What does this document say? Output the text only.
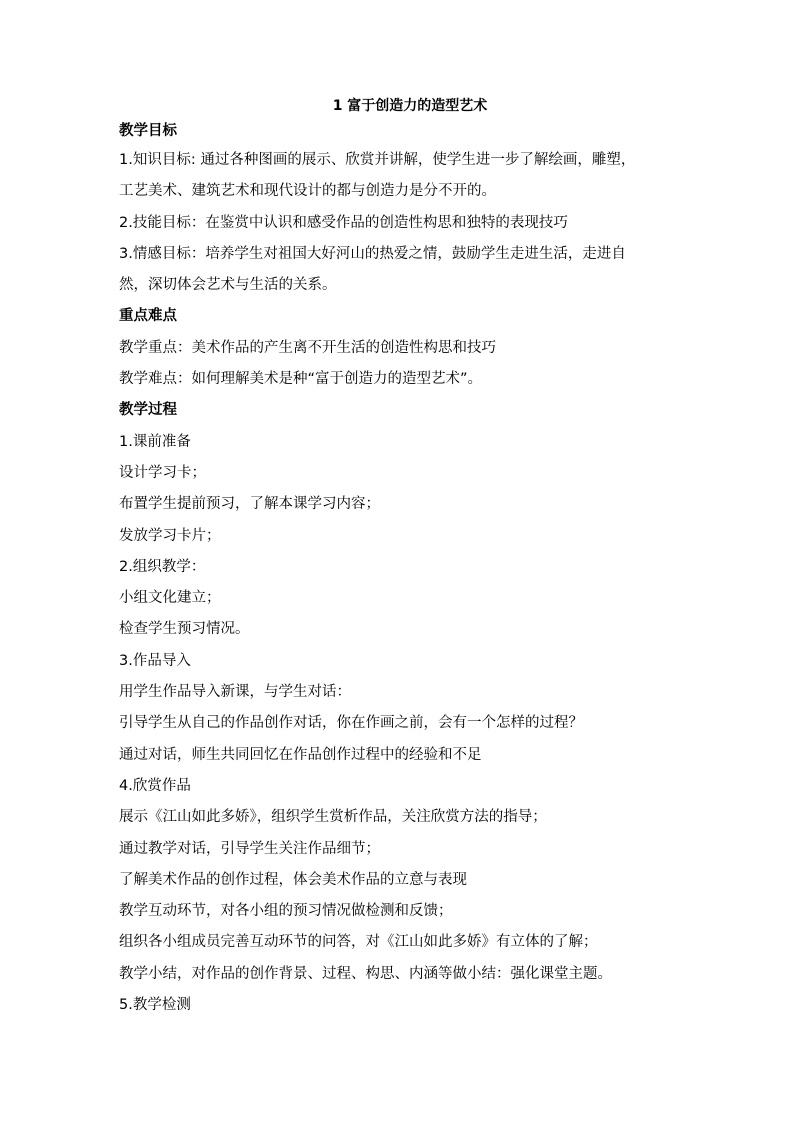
1 富于创造力的造型艺术
教学目标
1.知识目标: 通过各种图画的展示、欣赏并讲解，使学生进一步了解绘画，雕塑，
工艺美术、建筑艺术和现代设计的都与创造力是分不开的。
2.技能目标：在鉴赏中认识和感受作品的创造性构思和独特的表现技巧
3.情感目标：培养学生对祖国大好河山的热爱之情，鼓励学生走进生活，走进自
然，深切体会艺术与生活的关系。
重点难点
教学重点：美术作品的产生离不开生活的创造性构思和技巧
教学难点：如何理解美术是种“富于创造力的造型艺术”。
教学过程
1.课前准备
设计学习卡；
布置学生提前预习，了解本课学习内容；
发放学习卡片；
2.组织教学：
小组文化建立；
检查学生预习情况。
3.作品导入
用学生作品导入新课，与学生对话：
引导学生从自己的作品创作对话，你在作画之前，会有一个怎样的过程？
通过对话，师生共同回忆在作品创作过程中的经验和不足
4.欣赏作品
展示《江山如此多娇》，组织学生赏析作品，关注欣赏方法的指导；
通过教学对话，引导学生关注作品细节；
了解美术作品的创作过程，体会美术作品的立意与表现
教学互动环节，对各小组的预习情况做检测和反馈；
组织各小组成员完善互动环节的问答，对《江山如此多娇》有立体的了解；
教学小结，对作品的创作背景、过程、构思、内涵等做小结：强化课堂主题。
5.教学检测
